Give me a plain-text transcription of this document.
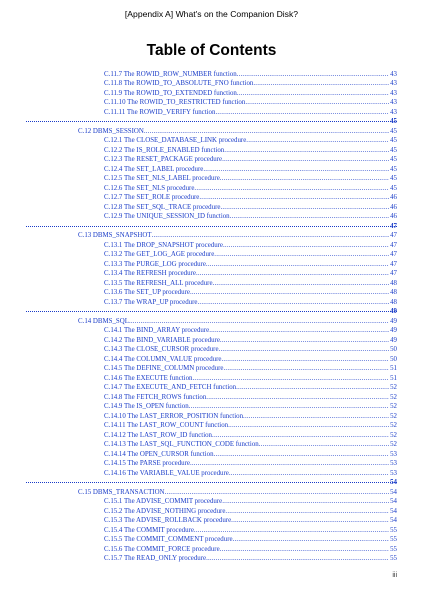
[Appendix A] What's on the Companion Disk?
Table of Contents
C.11.7 The ROWID_ROW_NUMBER function .....	43
C.11.8 The ROWID_TO_ABSOLUTE_FNO function .....	43
C.11.9 The ROWID_TO_EXTENDED function .....	43
C.11.10 The ROWID_TO_RESTRICTED function .....	43
C.11.11 The ROWID_VERIFY function .....	43
45
C.12 DBMS_SESSION .....	45
C.12.1 The CLOSE_DATABASE_LINK procedure .....	45
C.12.2 The IS_ROLE_ENABLED function .....	45
C.12.3 The RESET_PACKAGE procedure .....	45
C.12.4 The SET_LABEL procedure .....	45
C.12.5 The SET_NLS_LABEL procedure .....	45
C.12.6 The SET_NLS procedure .....	45
C.12.7 The SET_ROLE procedure .....	46
C.12.8 The SET_SQL_TRACE procedure .....	46
C.12.9 The UNIQUE_SESSION_ID function .....	46
47
C.13 DBMS_SNAPSHOT .....	47
C.13.1 The DROP_SNAPSHOT procedure .....	47
C.13.2 The GET_LOG_AGE procedure .....	47
C.13.3 The PURGE_LOG procedure .....	47
C.13.4 The REFRESH procedure .....	47
C.13.5 The REFRESH_ALL procedure .....	48
C.13.6 The SET_UP procedure .....	48
C.13.7 The WRAP_UP procedure .....	48
49
C.14 DBMS_SQL .....	49
C.14.1 The BIND_ARRAY procedure .....	49
C.14.2 The BIND_VARIABLE procedure .....	49
C.14.3 The CLOSE_CURSOR procedure .....	50
C.14.4 The COLUMN_VALUE procedure .....	50
C.14.5 The DEFINE_COLUMN procedure .....	51
C.14.6 The EXECUTE function .....	51
C.14.7 The EXECUTE_AND_FETCH function .....	52
C.14.8 The FETCH_ROWS function .....	52
C.14.9 The IS_OPEN function .....	52
C.14.10 The LAST_ERROR_POSITION function .....	52
C.14.11 The LAST_ROW_COUNT function .....	52
C.14.12 The LAST_ROW_ID function .....	52
C.14.13 The LAST_SQL_FUNCTION_CODE function .....	52
C.14.14 The OPEN_CURSOR function .....	53
C.14.15 The PARSE procedure .....	53
C.14.16 The VARIABLE_VALUE procedure .....	53
54
C.15 DBMS_TRANSACTION .....	54
C.15.1 The ADVISE_COMMIT procedure .....	54
C.15.2 The ADVISE_NOTHING procedure .....	54
C.15.3 The ADVISE_ROLLBACK procedure .....	54
C.15.4 The COMMIT procedure .....	55
C.15.5 The COMMIT_COMMENT procedure .....	55
C.15.6 The COMMIT_FORCE procedure .....	55
C.15.7 The READ_ONLY procedure .....	55
iii
